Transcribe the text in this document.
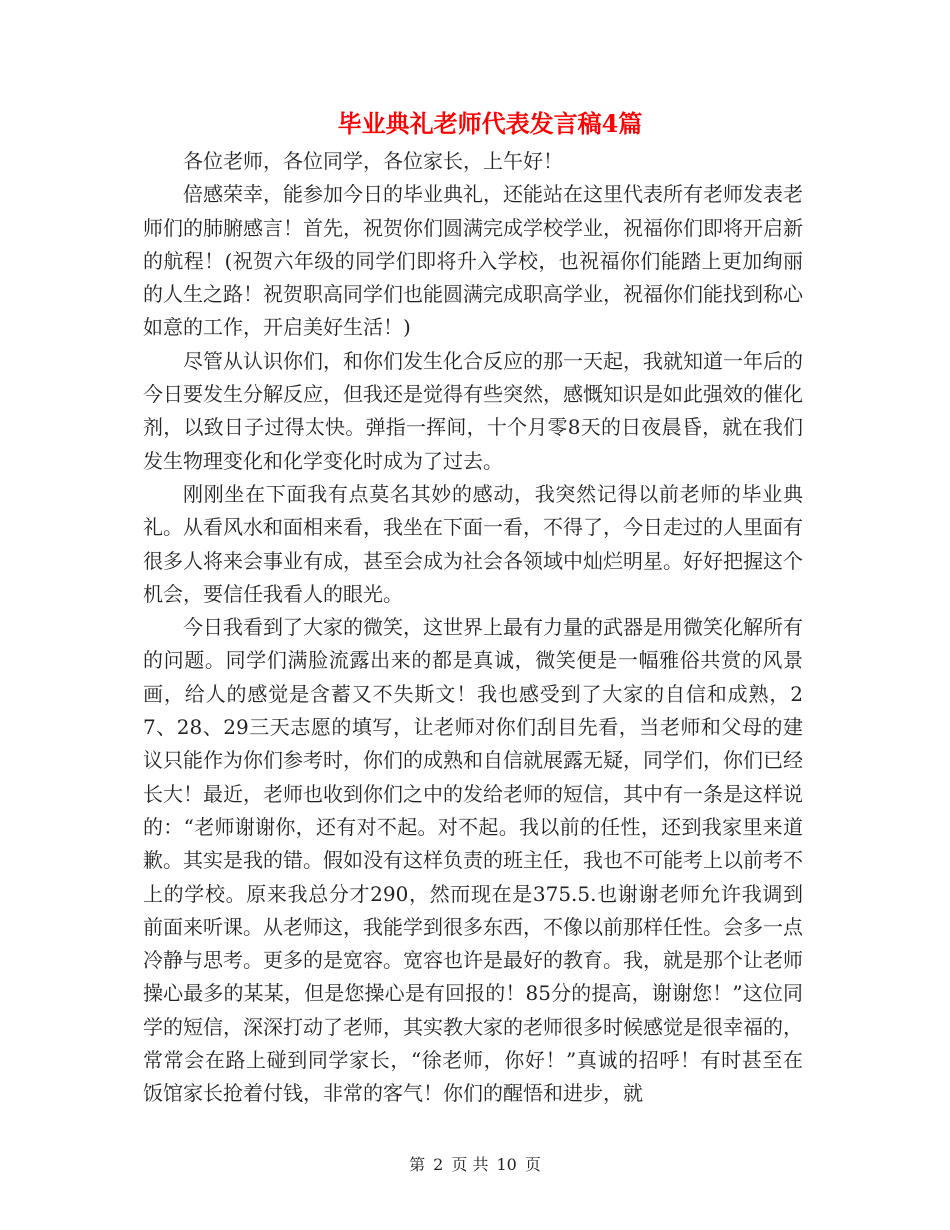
毕业典礼老师代表发言稿4篇

各位老师，各位同学，各位家长，上午好！

倍感荣幸，能参加今日的毕业典礼，还能站在这里代表所有老师发表老师们的肺腑感言！首先，祝贺你们圆满完成学校学业，祝福你们即将开启新的航程！(祝贺六年级的同学们即将升入学校，也祝福你们能踏上更加绚丽的人生之路！祝贺职高同学们也能圆满完成职高学业，祝福你们能找到称心如意的工作，开启美好生活！)

尽管从认识你们，和你们发生化合反应的那一天起，我就知道一年后的今日要发生分解反应，但我还是觉得有些突然，感慨知识是如此强效的催化剂，以致日子过得太快。弹指一挥间，十个月零8天的日夜晨昏，就在我们发生物理变化和化学变化时成为了过去。

刚刚坐在下面我有点莫名其妙的感动，我突然记得以前老师的毕业典礼。从看风水和面相来看，我坐在下面一看，不得了，今日走过的人里面有很多人将来会事业有成，甚至会成为社会各领域中灿烂明星。好好把握这个机会，要信任我看人的眼光。

今日我看到了大家的微笑，这世界上最有力量的武器是用微笑化解所有的问题。同学们满脸流露出来的都是真诚，微笑便是一幅雅俗共赏的风景画，给人的感觉是含蓄又不失斯文！我也感受到了大家的自信和成熟，27、28、29三天志愿的填写，让老师对你们刮目先看，当老师和父母的建议只能作为你们参考时，你们的成熟和自信就展露无疑，同学们，你们已经长大！最近，老师也收到你们之中的发给老师的短信，其中有一条是这样说的：“老师谢谢你，还有对不起。对不起。我以前的任性，还到我家里来道歉。其实是我的错。假如没有这样负责的班主任，我也不可能考上以前考不上的学校。原来我总分才290，然而现在是375.5.也谢谢老师允许我调到前面来听课。从老师这，我能学到很多东西，不像以前那样任性。会多一点冷静与思考。更多的是宽容。宽容也许是最好的教育。我，就是那个让老师操心最多的某某，但是您操心是有回报的！85分的提高，谢谢您！”这位同学的短信，深深打动了老师，其实教大家的老师很多时候感觉是很幸福的，常常会在路上碰到同学家长，“徐老师，你好！”真诚的招呼！有时甚至在饭馆家长抢着付钱，非常的客气！你们的醒悟和进步，就

第 2 页 共 10 页
